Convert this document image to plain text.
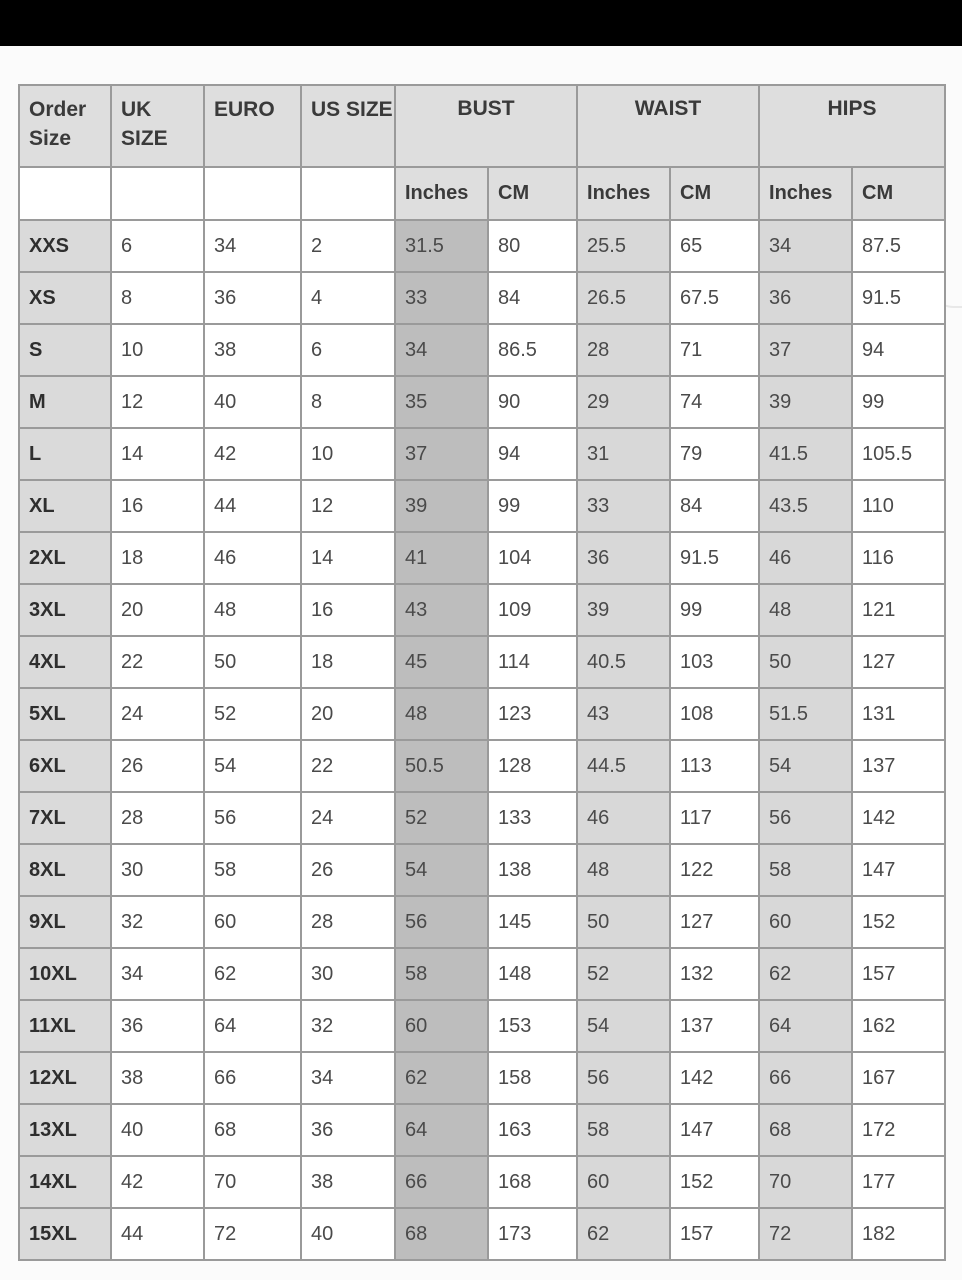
Order Size	UK SIZE	EURO	US SIZE	BUST		WAIST		HIPS	
				Inches	CM	Inches	CM	Inches	CM
XXS	6	34	2	31.5	80	25.5	65	34	87.5
XS	8	36	4	33	84	26.5	67.5	36	91.5
S	10	38	6	34	86.5	28	71	37	94
M	12	40	8	35	90	29	74	39	99
L	14	42	10	37	94	31	79	41.5	105.5
XL	16	44	12	39	99	33	84	43.5	110
2XL	18	46	14	41	104	36	91.5	46	116
3XL	20	48	16	43	109	39	99	48	121
4XL	22	50	18	45	114	40.5	103	50	127
5XL	24	52	20	48	123	43	108	51.5	131
6XL	26	54	22	50.5	128	44.5	113	54	137
7XL	28	56	24	52	133	46	117	56	142
8XL	30	58	26	54	138	48	122	58	147
9XL	32	60	28	56	145	50	127	60	152
10XL	34	62	30	58	148	52	132	62	157
11XL	36	64	32	60	153	54	137	64	162
12XL	38	66	34	62	158	56	142	66	167
13XL	40	68	36	64	163	58	147	68	172
14XL	42	70	38	66	168	60	152	70	177
15XL	44	72	40	68	173	62	157	72	182
